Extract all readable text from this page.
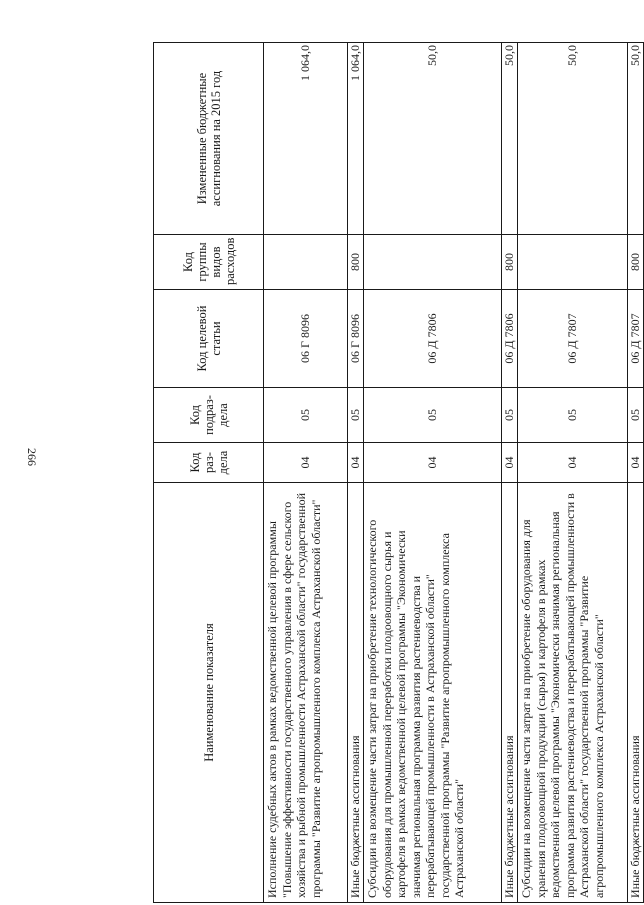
266
Наименование показателя	Код раз-дела	Код подраз-дела	Код целевой статьи	Код группы видов расходов	Измененные бюджетные ассигнования на 2015 год
Исполнение судебных актов в рамках ведомственной целевой программы "Повышение эффективности государственного управления в сфере сельского хозяйства и рыбной промышленности Астраханской области" государственной программы "Развитие агропромышленного комплекса Астраханской области"	04	05	06 Г 8096		1 064,0
Иные бюджетные ассигнования	04	05	06 Г 8096	800	1 064,0
Субсидии на возмещение части затрат на приобретение технологического оборудования для промышленной переработки плодоовощного сырья и картофеля в рамках ведомственной целевой программы "Экономически значимая региональная программа развития растениеводства и перерабатывающей промышленности в Астраханской области" государственной программы "Развитие агропромышленного комплекса Астраханской области"	04	05	06 Д 7806		50,0
Иные бюджетные ассигнования	04	05	06 Д 7806	800	50,0
Субсидии на возмещение части затрат на приобретение оборудования для хранения плодоовощной продукции (сырья) и картофеля в рамках ведомственной целевой программы "Экономически значимая региональная программа развития растениеводства и перерабатывающей промышленности в Астраханской области" государственной программы "Развитие агропромышленного комплекса Астраханской области"	04	05	06 Д 7807		50,0
Иные бюджетные ассигнования	04	05	06 Д 7807	800	50,0
